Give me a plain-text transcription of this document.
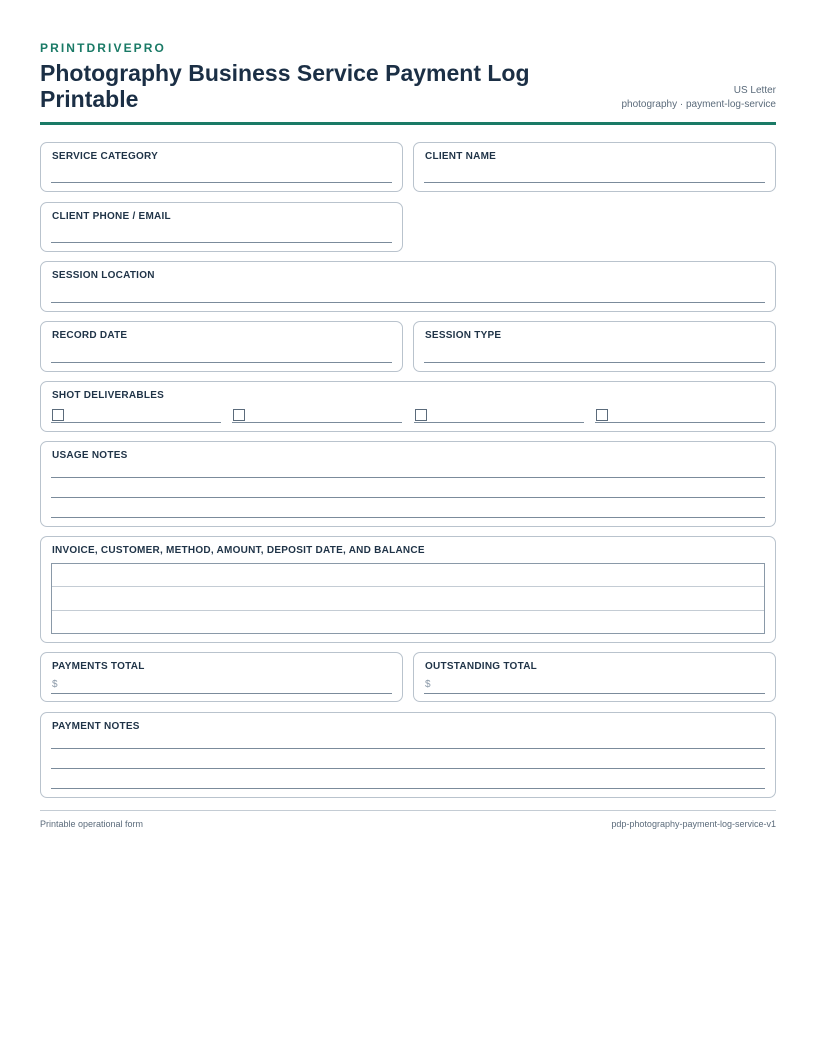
PRINTDRIVEPRO
Photography Business Service Payment Log Printable	US Letter
photography · payment-log-service
SERVICE CATEGORY	CLIENT NAME
CLIENT PHONE / EMAIL
SESSION LOCATION
RECORD DATE	SESSION TYPE
SHOT DELIVERABLES
USAGE NOTES
INVOICE, CUSTOMER, METHOD, AMOUNT, DEPOSIT DATE, AND BALANCE
PAYMENTS TOTAL
$
OUTSTANDING TOTAL
$
PAYMENT NOTES
Printable operational form	pdp-photography-payment-log-service-v1
